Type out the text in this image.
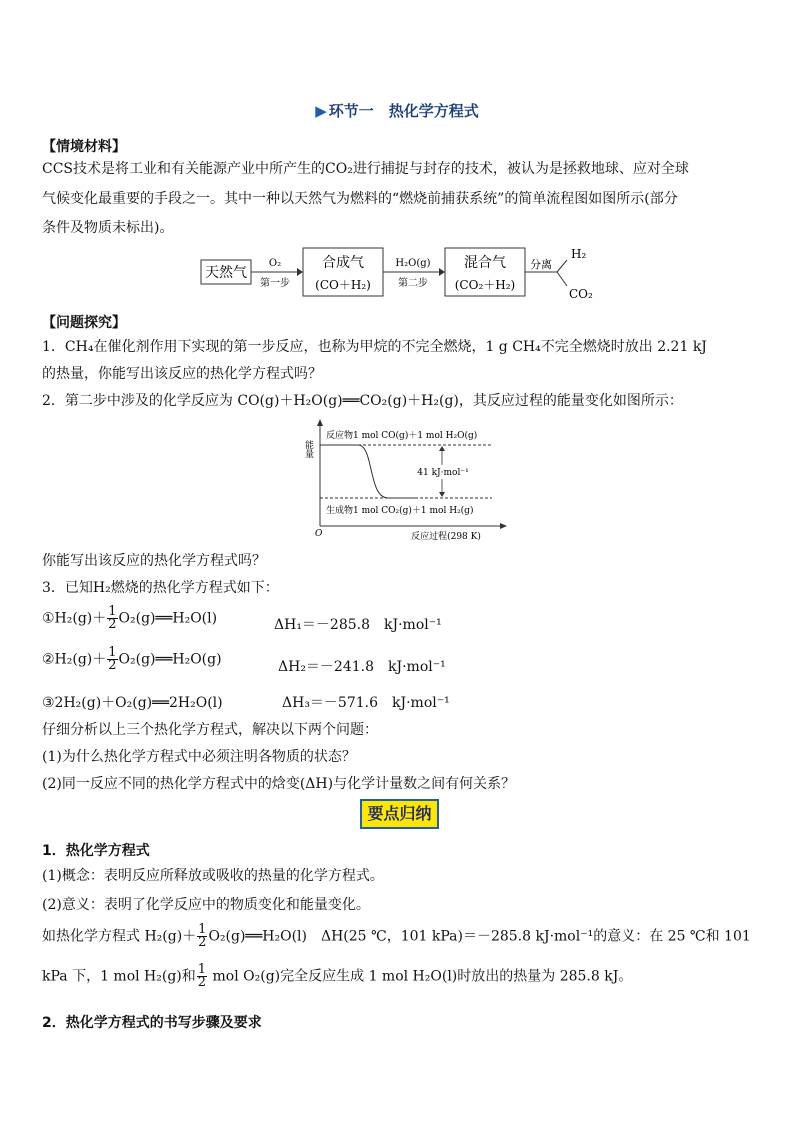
▶ 环节一　热化学方程式
【情境材料】
CCS技术是将工业和有关能源产业中所产生的CO₂进行捕捉与封存的技术，被认为是拯救地球、应对全球
气候变化最重要的手段之一。其中一种以天然气为燃料的“燃烧前捕获系统”的简单流程图如图所示(部分
条件及物质未标出)。
天然气
O₂
第一步
合成气
(CO＋H₂)
H₂O(g)
第二步
混合气
(CO₂＋H₂)
分离
H₂
CO₂
【问题探究】
1．CH₄在催化剂作用下实现的第一步反应，也称为甲烷的不完全燃烧，1 g CH₄不完全燃烧时放出 2.21 kJ
的热量，你能写出该反应的热化学方程式吗？
2．第二步中涉及的化学反应为 CO(g)＋H₂O(g)══CO₂(g)＋H₂(g)，其反应过程的能量变化如图所示：
能量
反应物1 mol CO(g)＋1 mol H₂O(g)
生成物1 mol CO₂(g)＋1 mol H₂(g)
41 kJ·mol⁻¹
O	反应过程(298 K)
你能写出该反应的热化学方程式吗？
3．已知H₂燃烧的热化学方程式如下：
①H₂(g)＋ $\frac{1}{2}$ O₂(g)══H₂O(l)	ΔH₁＝－285.8　kJ·mol⁻¹
②H₂(g)＋ $\frac{1}{2}$ O₂(g)══H₂O(g)	ΔH₂＝－241.8　kJ·mol⁻¹
③2H₂(g)＋O₂(g)══2H₂O(l)	ΔH₃＝－571.6　kJ·mol⁻¹
仔细分析以上三个热化学方程式，解决以下两个问题：
(1)为什么热化学方程式中必须注明各物质的状态？
(2)同一反应不同的热化学方程式中的焓变(ΔH)与化学计量数之间有何关系？
要点归纳
1．热化学方程式
(1)概念：表明反应所释放或吸收的热量的化学方程式。
(2)意义：表明了化学反应中的物质变化和能量变化。
如热化学方程式 $H_2(g)+ \frac{1}{2}$ O₂(g)══H₂O(l)　ΔH(25 ℃，101 kPa)＝－285.8 kJ·mol⁻¹的意义：在 25 ℃和 101
kPa 下，1 mol H₂(g)和 $\frac{1}{2}$ mol O₂(g)完全反应生成 1 mol H₂O(l)时放出的热量为 285.8 kJ。
2．热化学方程式的书写步骤及要求
